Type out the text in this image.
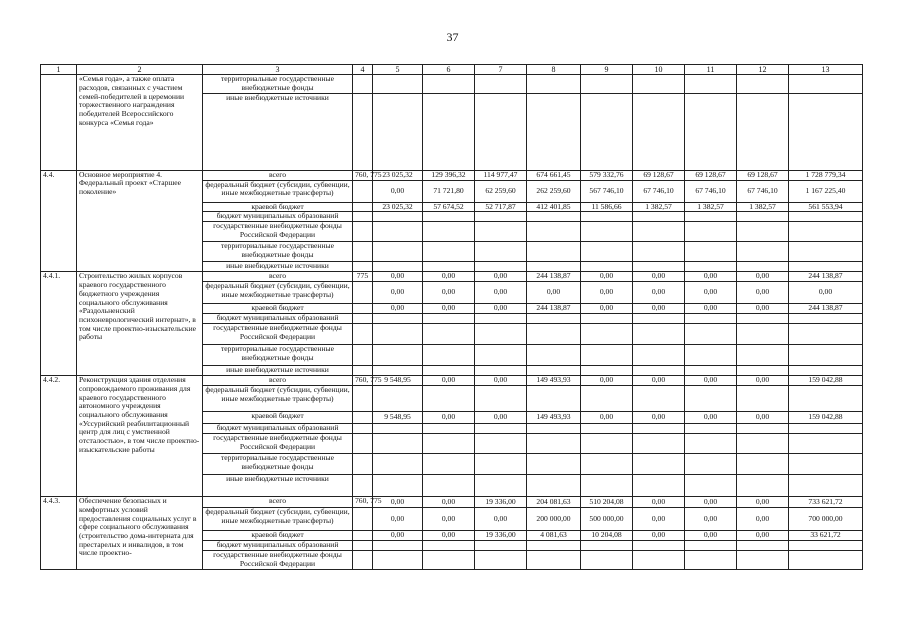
37
1	2	3	4	5	6	7	8	9	10	11	12	13
	«Семья года», а также оплата расходов, связанных с участием семей-победителей в церемонии торжественного награждения победителей Всероссийского конкурса «Семья года»	территориальные государственные внебюджетные фонды										
		иные внебюджетные источники										
4.4.	Основное мероприятие 4. Федеральный проект «Старшее поколение»	всего	760, 775	23 025,32	129 396,32	114 977,47	674 661,45	579 332,76	69 128,67	69 128,67	69 128,67	1 728 779,34
		федеральный бюджет (субсидии, субвенции, иные межбюджетные трансферты)		0,00	71 721,80	62 259,60	262 259,60	567 746,10	67 746,10	67 746,10	67 746,10	1 167 225,40
		краевой бюджет		23 025,32	57 674,52	52 717,87	412 401,85	11 586,66	1 382,57	1 382,57	1 382,57	561 553,94
		бюджет муниципальных образований										
		государственные внебюджетные фонды Российской Федерации										
		территориальные государственные внебюджетные фонды										
		иные внебюджетные источники										
4.4.1.	Строительство жилых корпусов краевого государственного бюджетного учреждения социального обслуживания «Раздольненский психоневрологический интернат», в том числе проектно-изыскательские работы	всего	775	0,00	0,00	0,00	244 138,87	0,00	0,00	0,00	0,00	244 138,87
		федеральный бюджет (субсидии, субвенции, иные межбюджетные трансферты)		0,00	0,00	0,00	0,00	0,00	0,00	0,00	0,00	0,00
		краевой бюджет		0,00	0,00	0,00	244 138,87	0,00	0,00	0,00	0,00	244 138,87
		бюджет муниципальных образований										
		государственные внебюджетные фонды Российской Федерации										
		территориальные государственные внебюджетные фонды										
		иные внебюджетные источники										
4.4.2.	Реконструкция здания отделения сопровождаемого проживания для краевого государственного автономного учреждения социального обслуживания «Уссурийский реабилитационный центр для лиц с умственной отсталостью», в том числе проектно-изыскательские работы	всего	760, 775	9 548,95	0,00	0,00	149 493,93	0,00	0,00	0,00	0,00	159 042,88
		федеральный бюджет (субсидии, субвенции, иные межбюджетные трансферты)										
		краевой бюджет		9 548,95	0,00	0,00	149 493,93	0,00	0,00	0,00	0,00	159 042,88
		бюджет муниципальных образований										
		государственные внебюджетные фонды Российской Федерации										
		территориальные государственные внебюджетные фонды										
		иные внебюджетные источники										
4.4.3.	Обеспечение безопасных и комфортных условий предоставления социальных услуг в сфере социального обслуживания (строительство дома-интерната для престарелых и инвалидов, в том числе проектно-	всего	760, 775	0,00	0,00	19 336,00	204 081,63	510 204,08	0,00	0,00	0,00	733 621,72
		федеральный бюджет (субсидии, субвенции, иные межбюджетные трансферты)		0,00	0,00	0,00	200 000,00	500 000,00	0,00	0,00	0,00	700 000,00
		краевой бюджет		0,00	0,00	19 336,00	4 081,63	10 204,08	0,00	0,00	0,00	33 621,72
		бюджет муниципальных образований										
		государственные внебюджетные фонды Российской Федерации										
